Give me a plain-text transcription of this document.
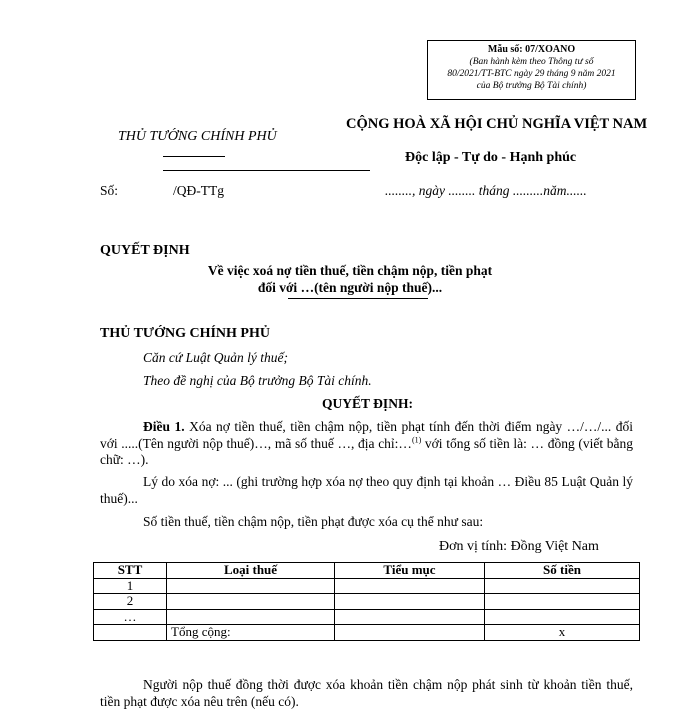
Mẫu số: 07/XOANO
(Ban hành kèm theo Thông tư số
80/2021/TT-BTC ngày 29 tháng 9 năm 2021
của Bộ trưởng Bộ Tài chính)
THỦ TƯỚNG CHÍNH PHỦ
CỘNG HOÀ XÃ HỘI CHỦ NGHĨA VIỆT NAM
Độc lập - Tự do - Hạnh phúc
Số:	/QĐ-TTg	........, ngày ........ tháng .........năm......
QUYẾT ĐỊNH
Về việc xoá nợ tiền thuế, tiền chậm nộp, tiền phạt
đối với …(tên người nộp thuế)...
THỦ TƯỚNG CHÍNH PHỦ
Căn cứ Luật Quản lý thuế;
Theo đề nghị của Bộ trưởng Bộ Tài chính.
QUYẾT ĐỊNH:
Điều 1. Xóa nợ tiền thuế, tiền chậm nộp, tiền phạt tính đến thời điểm ngày …/…/... đối với .....(Tên người nộp thuế)…, mã số thuế …, địa chỉ:…$^{(1)}$ với tổng số tiền là: … đồng (viết bằng chữ: …).
Lý do xóa nợ: ... (ghi trường hợp xóa nợ theo quy định tại khoản … Điều 85 Luật Quản lý thuế)...
Số tiền thuế, tiền chậm nộp, tiền phạt được xóa cụ thể như sau:
Đơn vị tính: Đồng Việt Nam
STT	Loại thuế	Tiểu mục	Số tiền
1			
2			
…			
	Tổng cộng:		x
Người nộp thuế đồng thời được xóa khoản tiền chậm nộp phát sinh từ khoản tiền thuế, tiền phạt được xóa nêu trên (nếu có).
